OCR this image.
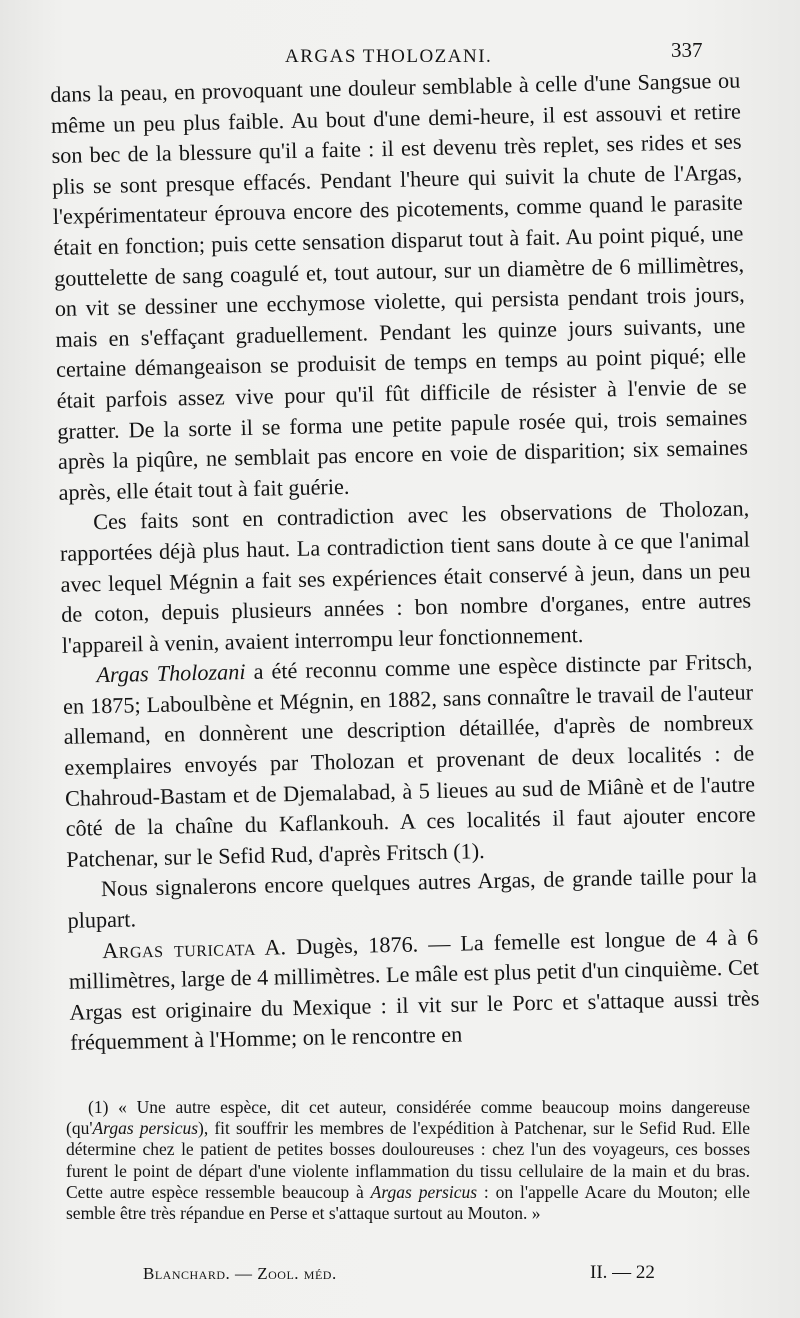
ARGAS THOLOZANI.	337

dans la peau, en provoquant une douleur semblable à celle d'une Sangsue ou même un peu plus faible. Au bout d'une demi-heure, il est assouvi et retire son bec de la blessure qu'il a faite : il est devenu très replet, ses rides et ses plis se sont presque effacés. Pendant l'heure qui suivit la chute de l'Argas, l'expérimentateur éprouva encore des picotements, comme quand le parasite était en fonction; puis cette sensation disparut tout à fait. Au point piqué, une gouttelette de sang coagulé et, tout autour, sur un diamètre de 6 millimètres, on vit se dessiner une ecchymose violette, qui persista pendant trois jours, mais en s'effaçant graduellement. Pendant les quinze jours suivants, une certaine démangeaison se produisit de temps en temps au point piqué; elle était parfois assez vive pour qu'il fût difficile de résister à l'envie de se gratter. De la sorte il se forma une petite papule rosée qui, trois semaines après la piqûre, ne semblait pas encore en voie de disparition; six semaines après, elle était tout à fait guérie.

Ces faits sont en contradiction avec les observations de Tholozan, rapportées déjà plus haut. La contradiction tient sans doute à ce que l'animal avec lequel Mégnin a fait ses expériences était conservé à jeun, dans un peu de coton, depuis plusieurs années : bon nombre d'organes, entre autres l'appareil à venin, avaient interrompu leur fonctionnement.

Argas Tholozani a été reconnu comme une espèce distincte par Fritsch, en 1875; Laboulbène et Mégnin, en 1882, sans connaître le travail de l'auteur allemand, en donnèrent une description détaillée, d'après de nombreux exemplaires envoyés par Tholozan et provenant de deux localités : de Chahroud-Bastam et de Djemalabad, à 5 lieues au sud de Miânè et de l'autre côté de la chaîne du Kaflankouh. A ces localités il faut ajouter encore Patchenar, sur le Sefid Rud, d'après Fritsch (1).

Nous signalerons encore quelques autres Argas, de grande taille pour la plupart.

Argas turicata A. Dugès, 1876. — La femelle est longue de 4 à 6 millimètres, large de 4 millimètres. Le mâle est plus petit d'un cinquième. Cet Argas est originaire du Mexique : il vit sur le Porc et s'attaque aussi très fréquemment à l'Homme; on le rencontre en

(1) « Une autre espèce, dit cet auteur, considérée comme beaucoup moins dangereuse (qu'Argas persicus), fit souffrir les membres de l'expédition à Patchenar, sur le Sefid Rud. Elle détermine chez le patient de petites bosses douloureuses : chez l'un des voyageurs, ces bosses furent le point de départ d'une violente inflammation du tissu cellulaire de la main et du bras. Cette autre espèce ressemble beaucoup à Argas persicus : on l'appelle Acare du Mouton; elle semble être très répandue en Perse et s'attaque surtout au Mouton. »

Blanchard. — Zool. méd.	II. — 22
